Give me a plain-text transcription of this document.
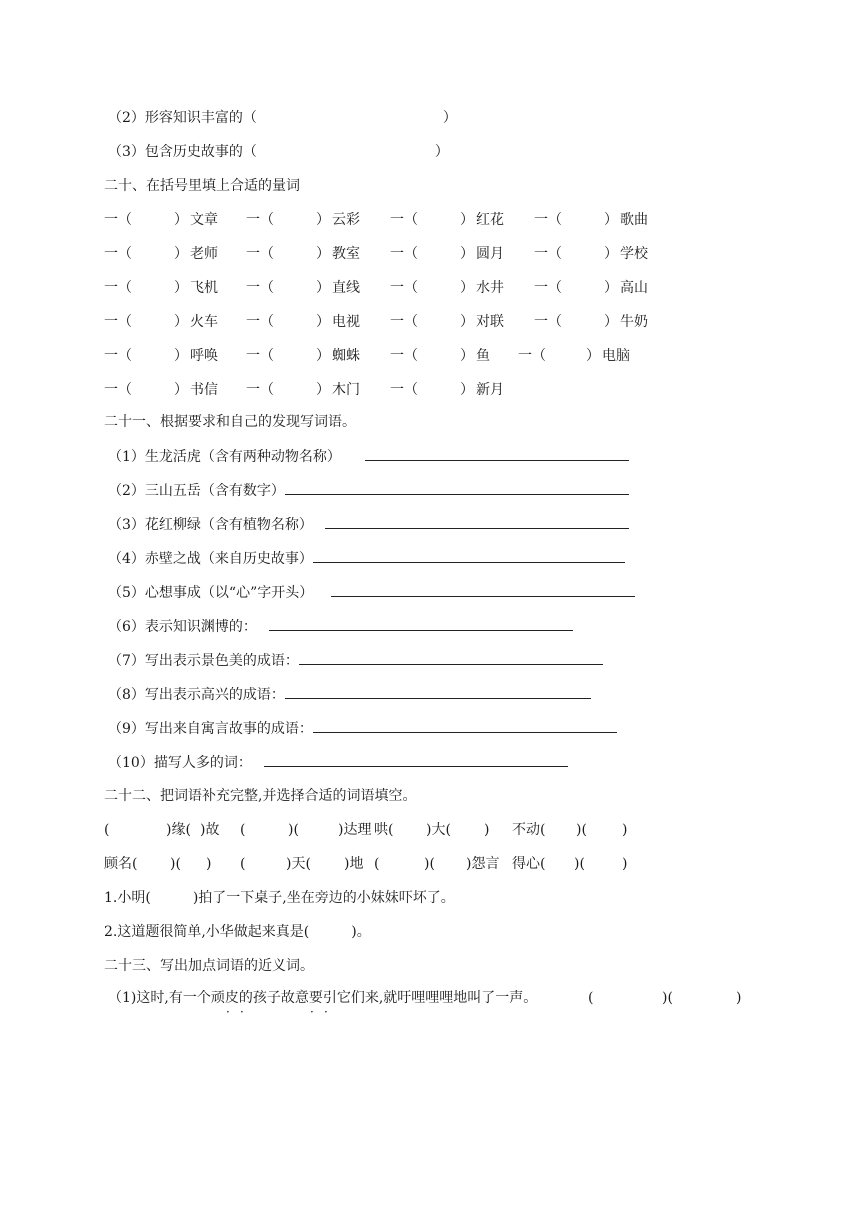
（2）形容知识丰富的（	）
（3）包含历史故事的（	）
二十、在括号里填上合适的量词
一（	） 文章 一（	） 云彩 一（	） 红花 一（	） 歌曲
一（	） 老师 一（	） 教室 一（	） 圆月 一（	） 学校
一（	） 飞机 一（	） 直线 一（	） 水井 一（	） 高山
一（	） 火车 一（	） 电视 一（	） 对联 一（	） 牛奶
一（	） 呼唤 一（	） 蜘蛛 一（	） 鱼 一（	） 电脑
一（	） 书信 一（	） 木门 一（	） 新月
二十一、根据要求和自己的发现写词语。
（1）生龙活虎（含有两种动物名称）
（2）三山五岳（含有数字）
（3）花红柳绿（含有植物名称）
（4）赤壁之战（来自历史故事）
（5）心想事成（以“心”字开头）
（6）表示知识渊博的：
（7）写出表示景色美的成语：
（8）写出表示高兴的成语：
（9）写出来自寓言故事的成语：
（10）描写人多的词：
二十二、把词语补充完整,并选择合适的词语填空。
(	)缘( )故 (	)(	)达理 哄( )大( ) 不动( )(	)
顾名( )( ) (	)天( )地 (	)( )怨言 得心( )(	)
1.小明(　　　)拍了一下桌子,坐在旁边的小妹妹吓坏了。
2.这道题很简单,小华做起来真是(　　　)。
二十三、写出加点词语的近义词。
（1)这时,有一个顽皮的孩子故意要引它们来,就吁哩哩哩地叫了一声。	(	)(	)
· ·	· ·
